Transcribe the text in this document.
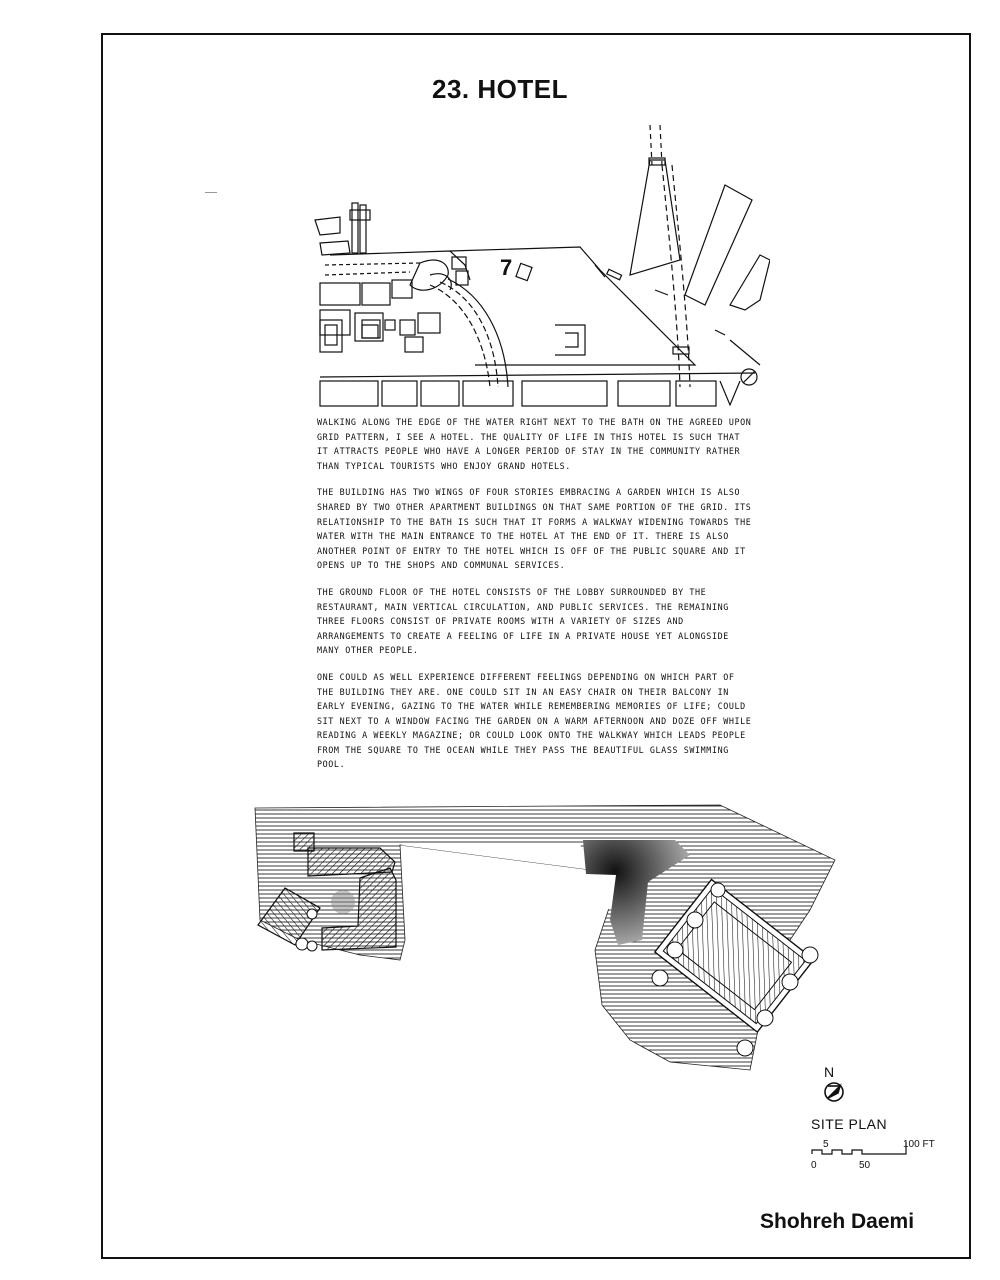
23. HOTEL
7

WALKING ALONG THE EDGE OF THE WATER RIGHT NEXT TO THE BATH ON THE AGREED UPON GRID PATTERN, I SEE A HOTEL. THE QUALITY OF LIFE IN THIS HOTEL IS SUCH THAT IT ATTRACTS PEOPLE WHO HAVE A LONGER PERIOD OF STAY IN THE COMMUNITY RATHER THAN TYPICAL TOURISTS WHO ENJOY GRAND HOTELS.

THE BUILDING HAS TWO WINGS OF FOUR STORIES EMBRACING A GARDEN WHICH IS ALSO SHARED BY TWO OTHER APARTMENT BUILDINGS ON THAT SAME PORTION OF THE GRID. ITS RELATIONSHIP TO THE BATH IS SUCH THAT IT FORMS A WALKWAY WIDENING TOWARDS THE WATER WITH THE MAIN ENTRANCE TO THE HOTEL AT THE END OF IT. THERE IS ALSO ANOTHER POINT OF ENTRY TO THE HOTEL WHICH IS OFF OF THE PUBLIC SQUARE AND IT OPENS UP TO THE SHOPS AND COMMUNAL SERVICES.

THE GROUND FLOOR OF THE HOTEL CONSISTS OF THE LOBBY SURROUNDED BY THE RESTAURANT, MAIN VERTICAL CIRCULATION, AND PUBLIC SERVICES. THE REMAINING THREE FLOORS CONSIST OF PRIVATE ROOMS WITH A VARIETY OF SIZES AND ARRANGEMENTS TO CREATE A FEELING OF LIFE IN A PRIVATE HOUSE YET ALONGSIDE MANY OTHER PEOPLE.

ONE COULD AS WELL EXPERIENCE DIFFERENT FEELINGS DEPENDING ON WHICH PART OF THE BUILDING THEY ARE. ONE COULD SIT IN AN EASY CHAIR ON THEIR BALCONY IN EARLY EVENING, GAZING TO THE WATER WHILE REMEMBERING MEMORIES OF LIFE; COULD SIT NEXT TO A WINDOW FACING THE GARDEN ON A WARM AFTERNOON AND DOZE OFF WHILE READING A WEEKLY MAGAZINE; OR COULD LOOK ONTO THE WALKWAY WHICH LEADS PEOPLE FROM THE SQUARE TO THE OCEAN WHILE THEY PASS THE BEAUTIFUL GLASS SWIMMING POOL.

N
SITE PLAN
5	100 FT
0	50
Shohreh Daemi
